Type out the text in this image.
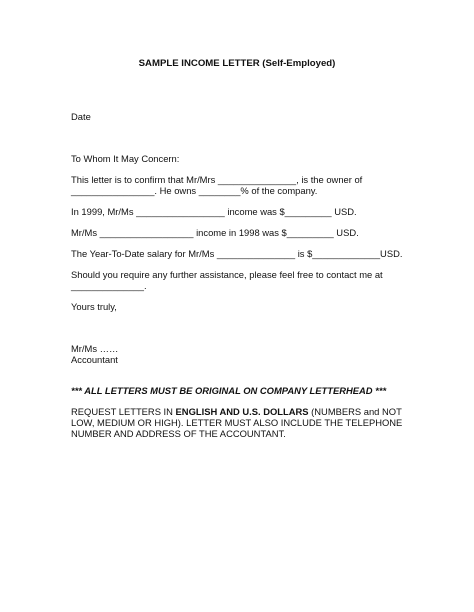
SAMPLE INCOME LETTER (Self-Employed)

Date

To Whom It May Concern:

This letter is to confirm that Mr/Mrs _______________, is the owner of

________________. He owns ________% of the company.

In 1999, Mr/Ms _________________ income was $_________ USD.

Mr/Ms __________________ income in 1998 was $_________ USD.

The Year-To-Date salary for Mr/Ms _______________ is $_____________USD.

Should you require any further assistance, please feel free to contact me at

______________.

Yours truly,

Mr/Ms ……

Accountant

*** ALL LETTERS MUST BE ORIGINAL ON COMPANY LETTERHEAD ***

REQUEST LETTERS IN ENGLISH AND U.S. DOLLARS (NUMBERS and NOT

LOW, MEDIUM OR HIGH). LETTER MUST ALSO INCLUDE THE TELEPHONE

NUMBER AND ADDRESS OF THE ACCOUNTANT.
